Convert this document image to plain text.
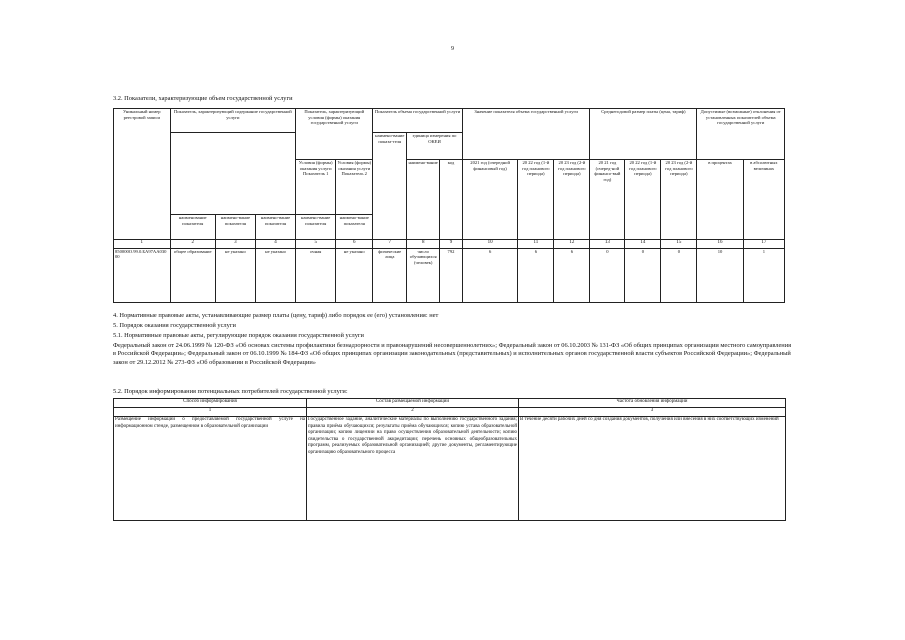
9
3.2. Показатели, характеризующие объем государственной услуги
Уникальный номер реестровой записи	Показатель, характеризующий содержание государственной услуги			Показатель, характеризующий условия (формы) оказания государственной услуги		Показатель объема государственной услуги			Значение показателя объема государственной услуги			Среднегодовой размер платы (цена, тариф)			Допустимые (возможные) отклонения от установленных показателей объема государственной услуги	
						наимено-вание показа-теля	единица измерения по ОКЕИ									
				Условия (формы) оказания услуги Показатель 1	Условия (формы) оказания услуги Показатель 2		наимено-вание	код	2021 год (очередной финансовый год)	20 22 год (1-й год планового периода)	20 23 год (2-й год планового периода)	20 21 год (очеред-ной финансо-вый год)	20 22 год (1-й год планового периода)	20 23 год (2-й год планового периода)	в процентах	в абсолютных величинах
	наименование показателя	наимено-вание показателя	наимено-вание показателя	наимено-вание показателя	наимено-вание показателя											
1	2	3	4	5	6	7	8	9	10	11	12	13	14	15	16	17
850000О.99.0.БА97АА03000	общее образование	не указано	не указано	очная	не указано	физические лица	число обучающихся (человек)	792	6	6	6	0	0	0	10	1
4. Нормативные правовые акты, устанавливающие размер платы (цену, тариф) либо порядок ее (его) установления: нет
5. Порядок оказания государственной услуги
5.1. Нормативные правовые акты, регулирующие порядок оказания государственной услуги
Федеральный закон от 24.06.1999 № 120-ФЗ «Об основах системы профилактики безнадзорности и правонарушений несовершеннолетних»; Федеральный закон от 06.10.2003 № 131-ФЗ «Об общих принципах организации местного самоуправления в Российской Федерации»; Федеральный закон от 06.10.1999 № 184-ФЗ «Об общих принципах организации законодательных (представительных) и исполнительных органов государственной власти субъектов Российской Федерации»; Федеральный закон от 29.12.2012 № 273-ФЗ «Об образовании в Российской Федерации»
5.2. Порядок информирования потенциальных потребителей государственной услуги:
Способ информирования	Состав размещаемой информации	Частота обновления информации
1	2	3
Размещение информации о предоставляемой государственной услуге на информационном стенде, размещенном в образовательной организации	Государственное задание, аналитические материалы по выполнению государственного задания; правила приёма обучающихся; результаты приёма обучающихся; копию устава образовательной организации; копию лицензии на право осуществления образовательной деятельности; копию свидетельства о государственной аккредитации; перечень основных общеобразовательных программ, реализуемых образовательной организацией; другие документы, регламентирующие организацию образовательного процесса	В течение десяти рабочих дней со дня создания документов, получения или внесения в них соответствующих изменений
